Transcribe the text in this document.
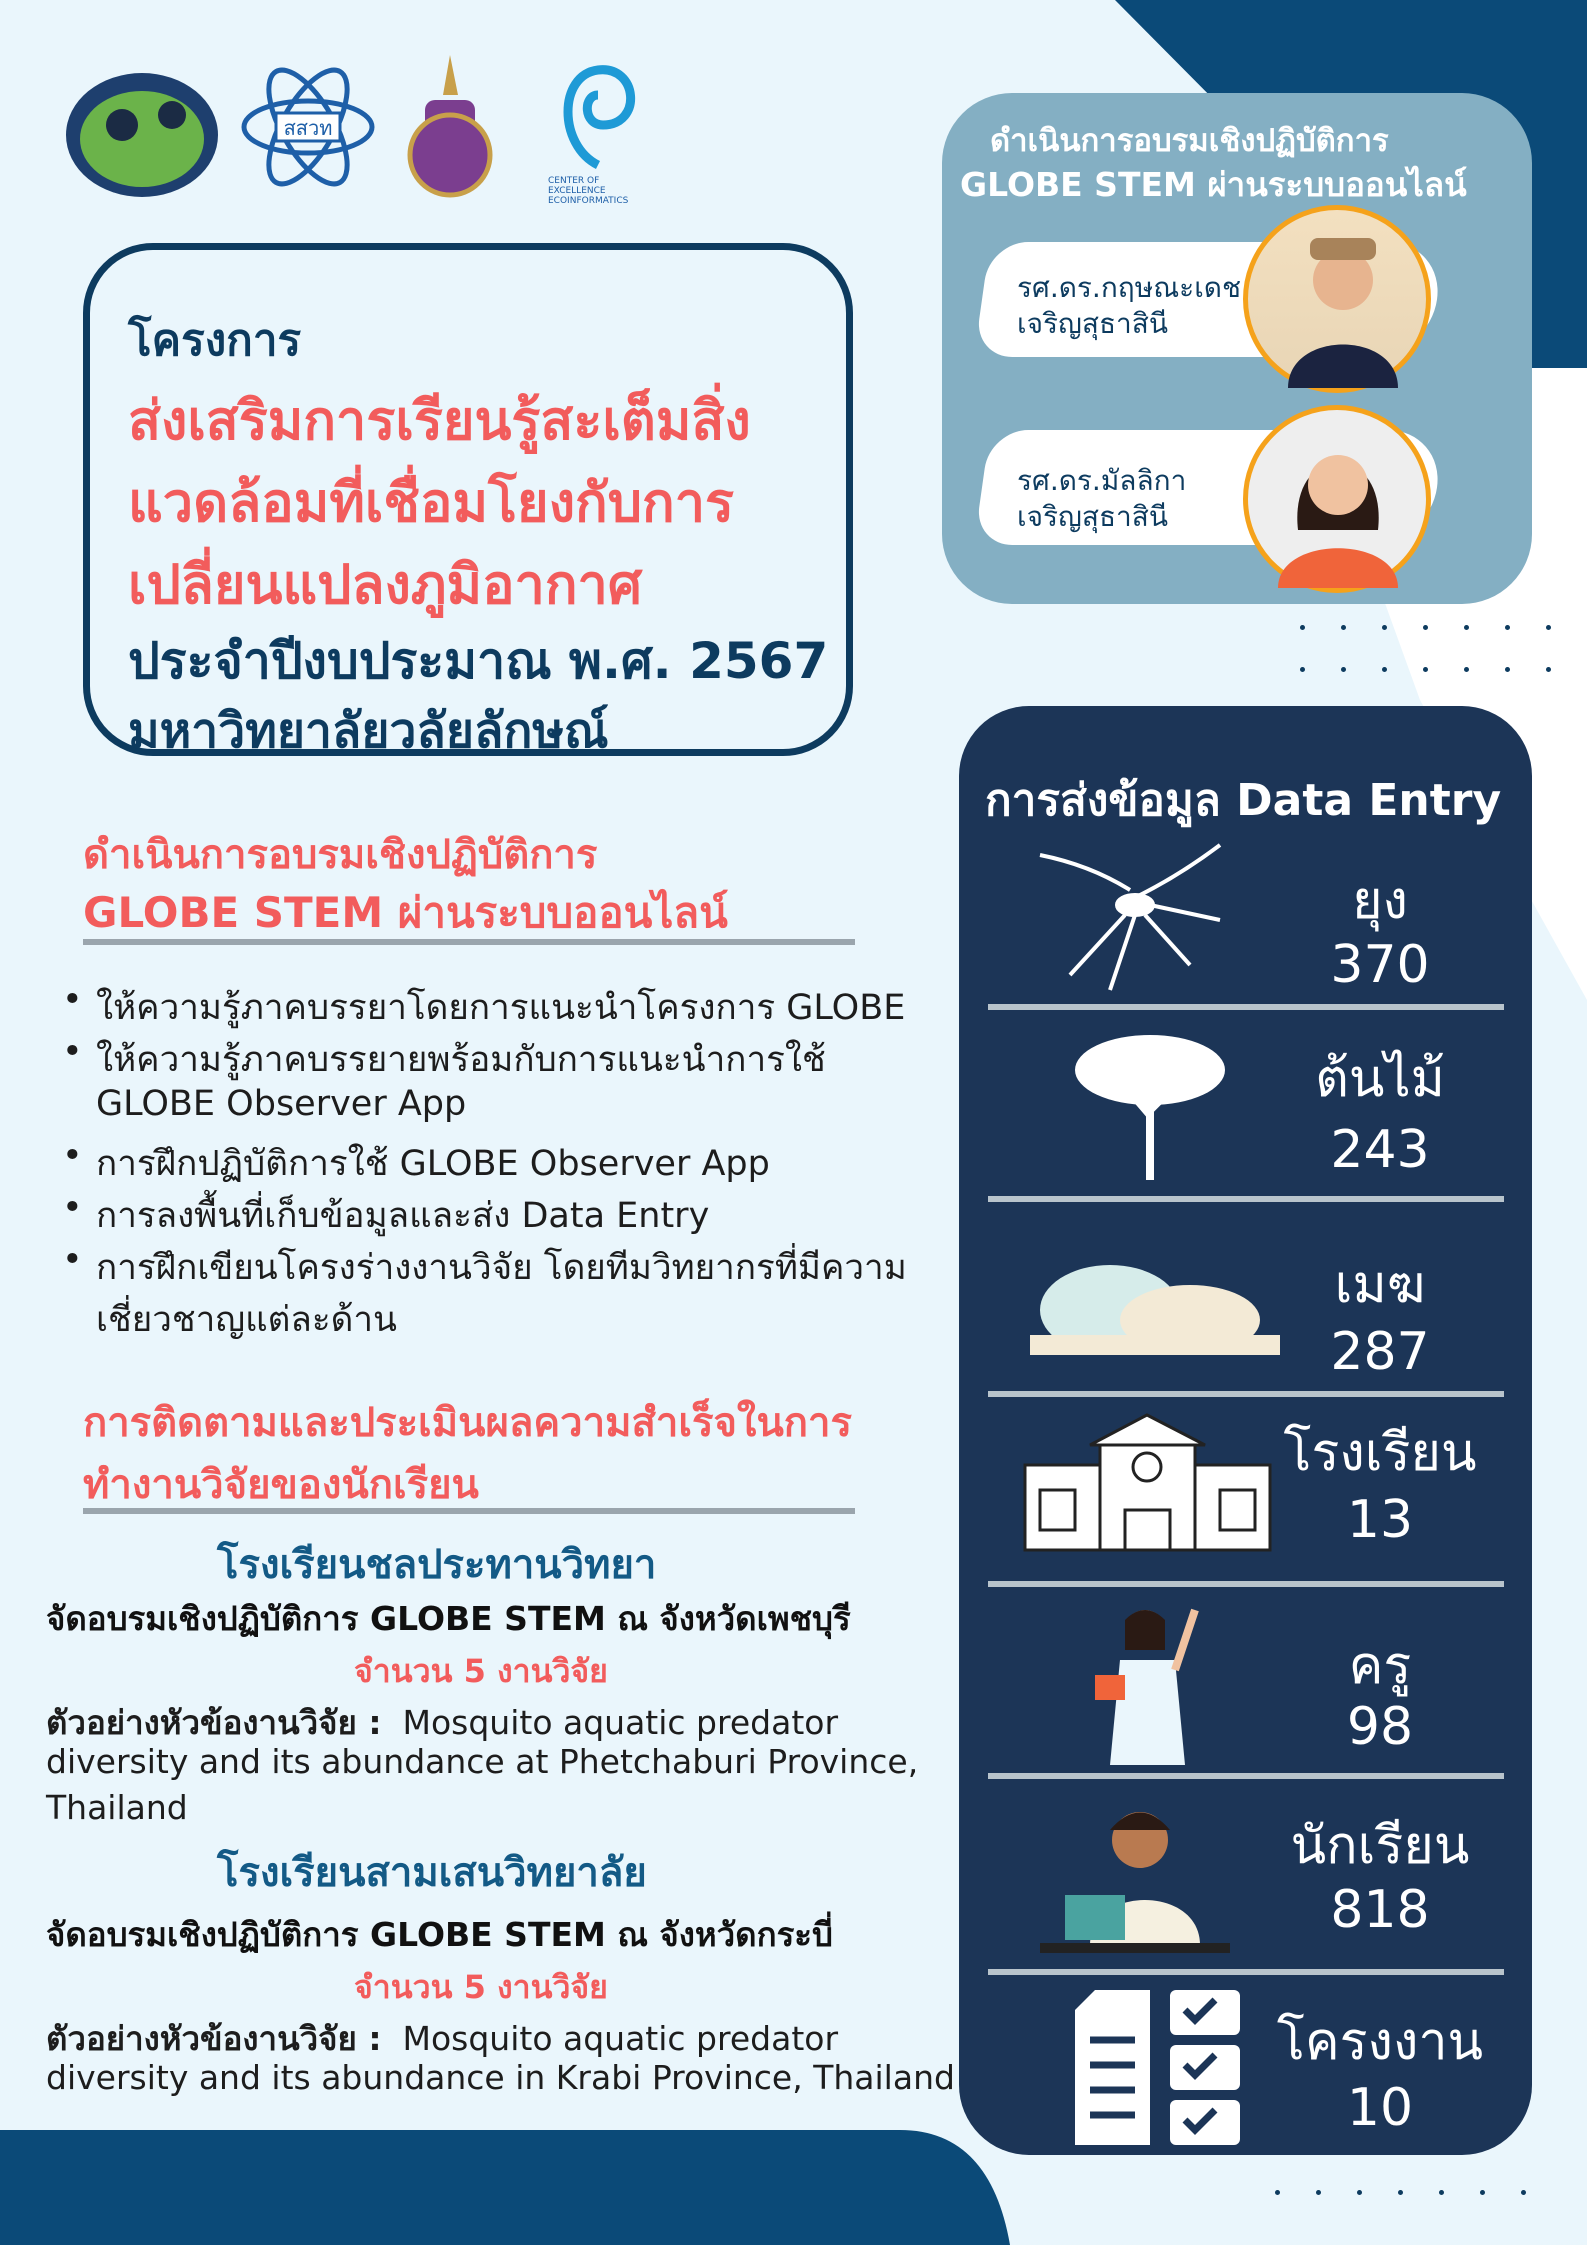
สสวท
CENTER OF
EXCELLENCE
ECOINFORMATICS
โครงการ
ส่งเสริมการเรียนรู้สะเต็มสิ่ง
แวดล้อมที่เชื่อมโยงกับการ
เปลี่ยนแปลงภูมิอากาศ
ประจำปีงบประมาณ พ.ศ. 2567
มหาวิทยาลัยวลัยลักษณ์
ดำเนินการอบรมเชิงปฏิบัติการ
GLOBE STEM ผ่านระบบออนไลน์
รศ.ดร.กฤษณะเดช
เจริญสุธาสินี
รศ.ดร.มัลลิกา
เจริญสุธาสินี
การส่งข้อมูล Data Entry
ยุง
370
ต้นไม้
243
เมฆ
287
โรงเรียน
13
ครู
98
นักเรียน
818
โครงงาน
10
ดำเนินการอบรมเชิงปฏิบัติการ
GLOBE STEM ผ่านระบบออนไลน์
• ให้ความรู้ภาคบรรยาโดยการแนะนำโครงการ GLOBE
• ให้ความรู้ภาคบรรยายพร้อมกับการแนะนำการใช้
GLOBE Observer App
• การฝึกปฏิบัติการใช้ GLOBE Observer App
• การลงพื้นที่เก็บข้อมูลและส่ง Data Entry
• การฝึกเขียนโครงร่างงานวิจัย โดยทีมวิทยากรที่มีความ
เชี่ยวชาญแต่ละด้าน
การติดตามและประเมินผลความสำเร็จในการ
ทำงานวิจัยของนักเรียน
โรงเรียนชลประทานวิทยา
จัดอบรมเชิงปฏิบัติการ GLOBE STEM ณ จังหวัดเพชบุรี
จำนวน 5 งานวิจัย
ตัวอย่างหัวข้องานวิจัย : Mosquito aquatic predator
diversity and its abundance at Phetchaburi Province,
Thailand
โรงเรียนสามเสนวิทยาลัย
จัดอบรมเชิงปฏิบัติการ GLOBE STEM ณ จังหวัดกระบี่
จำนวน 5 งานวิจัย
ตัวอย่างหัวข้องานวิจัย : Mosquito aquatic predator
diversity and its abundance in Krabi Province, Thailand
